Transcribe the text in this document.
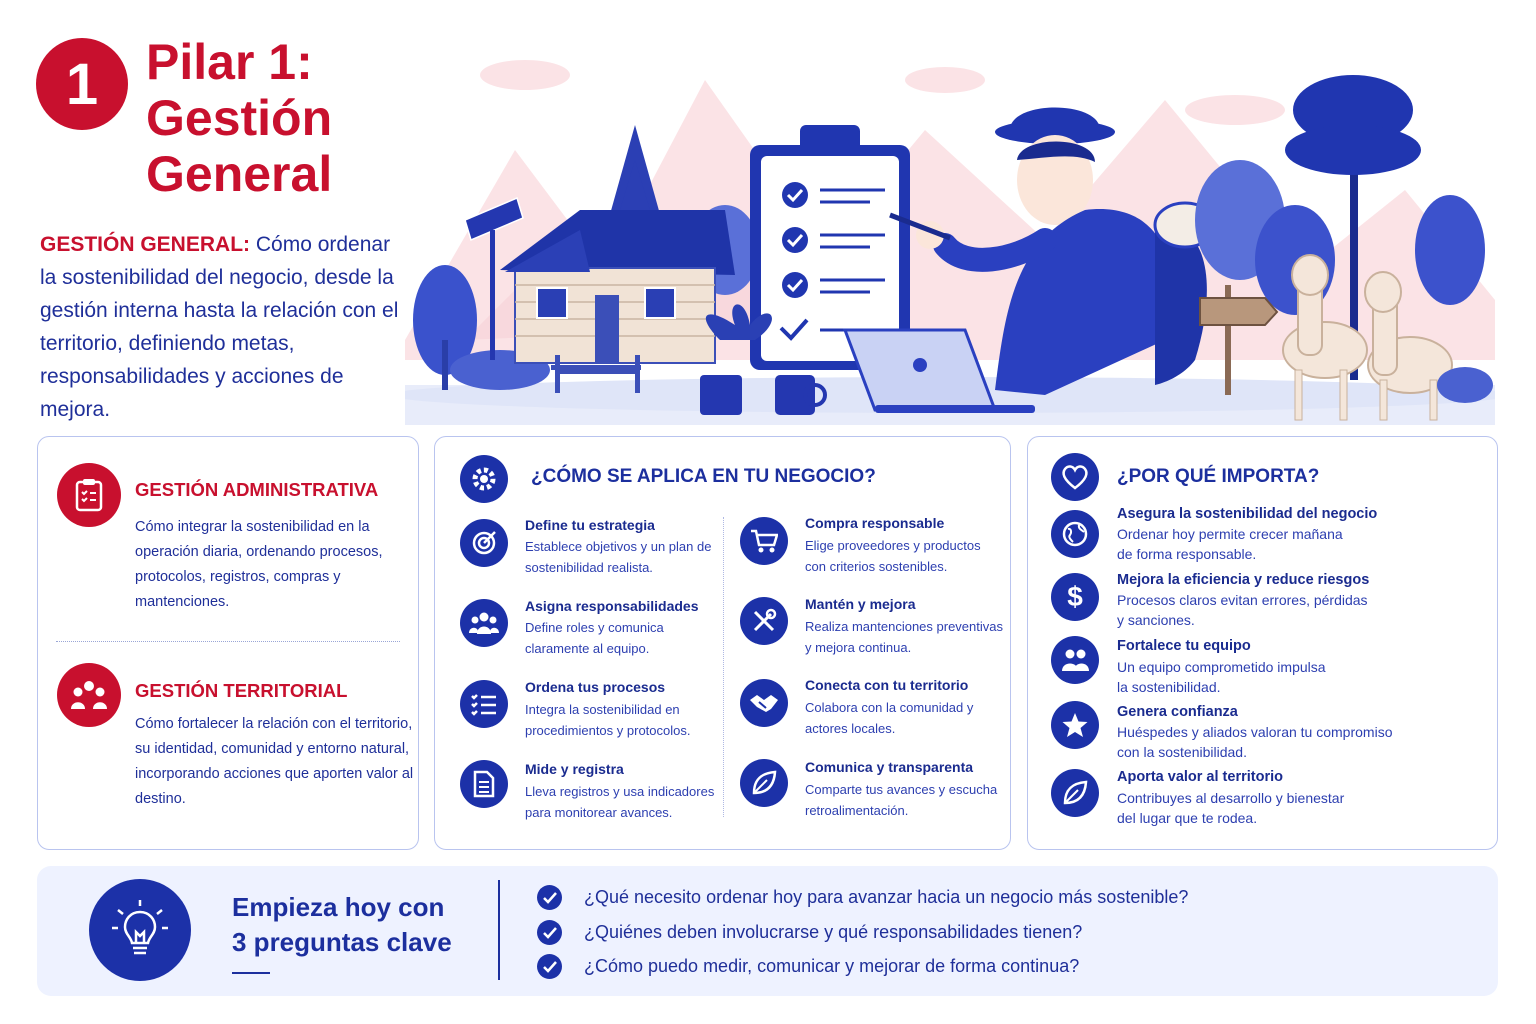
1 Pilar 1:
Gestión
General

GESTIÓN GENERAL: Cómo ordenar la sostenibilidad del negocio, desde la gestión interna hasta la relación con el territorio, definiendo metas, responsabilidades y acciones de mejora.

GESTIÓN ADMINISTRATIVA

Cómo integrar la sostenibilidad en la operación diaria, ordenando procesos, protocolos, registros, compras y mantenciones.

GESTIÓN TERRITORIAL

Cómo fortalecer la relación con el territorio, su identidad, comunidad y entorno natural, incorporando acciones que aporten valor al destino.

¿CÓMO SE APLICA EN TU NEGOCIO?
Define tu estrategia

Establece objetivos y un plan de sostenibilidad realista.

Asigna responsabilidades

Define roles y comunica claramente al equipo.

Ordena tus procesos

Integra la sostenibilidad en procedimientos y protocolos.

Mide y registra

Lleva registros y usa indicadores para monitorear avances.

Compra responsable

Elige proveedores y productos con criterios sostenibles.

Mantén y mejora

Realiza mantenciones preventivas y mejora continua.

Conecta con tu territorio

Colabora con la comunidad y actores locales.

Comunica y transparenta

Comparte tus avances y escucha retroalimentación.

¿POR QUÉ IMPORTA?
Asegura la sostenibilidad del negocio

Ordenar hoy permite crecer mañana
de forma responsable.

$
Mejora la eficiencia y reduce riesgos

Procesos claros evitan errores, pérdidas
y sanciones.

Fortalece tu equipo

Un equipo comprometido impulsa
la sostenibilidad.

Genera confianza

Huéspedes y aliados valoran tu compromiso
con la sostenibilidad.

Aporta valor al territorio

Contribuyes al desarrollo y bienestar
del lugar que te rodea.

Empieza hoy con
3 preguntas clave
¿Qué necesito ordenar hoy para avanzar hacia un negocio más sostenible?
¿Quiénes deben involucrarse y qué responsabilidades tienen?
¿Cómo puedo medir, comunicar y mejorar de forma continua?
